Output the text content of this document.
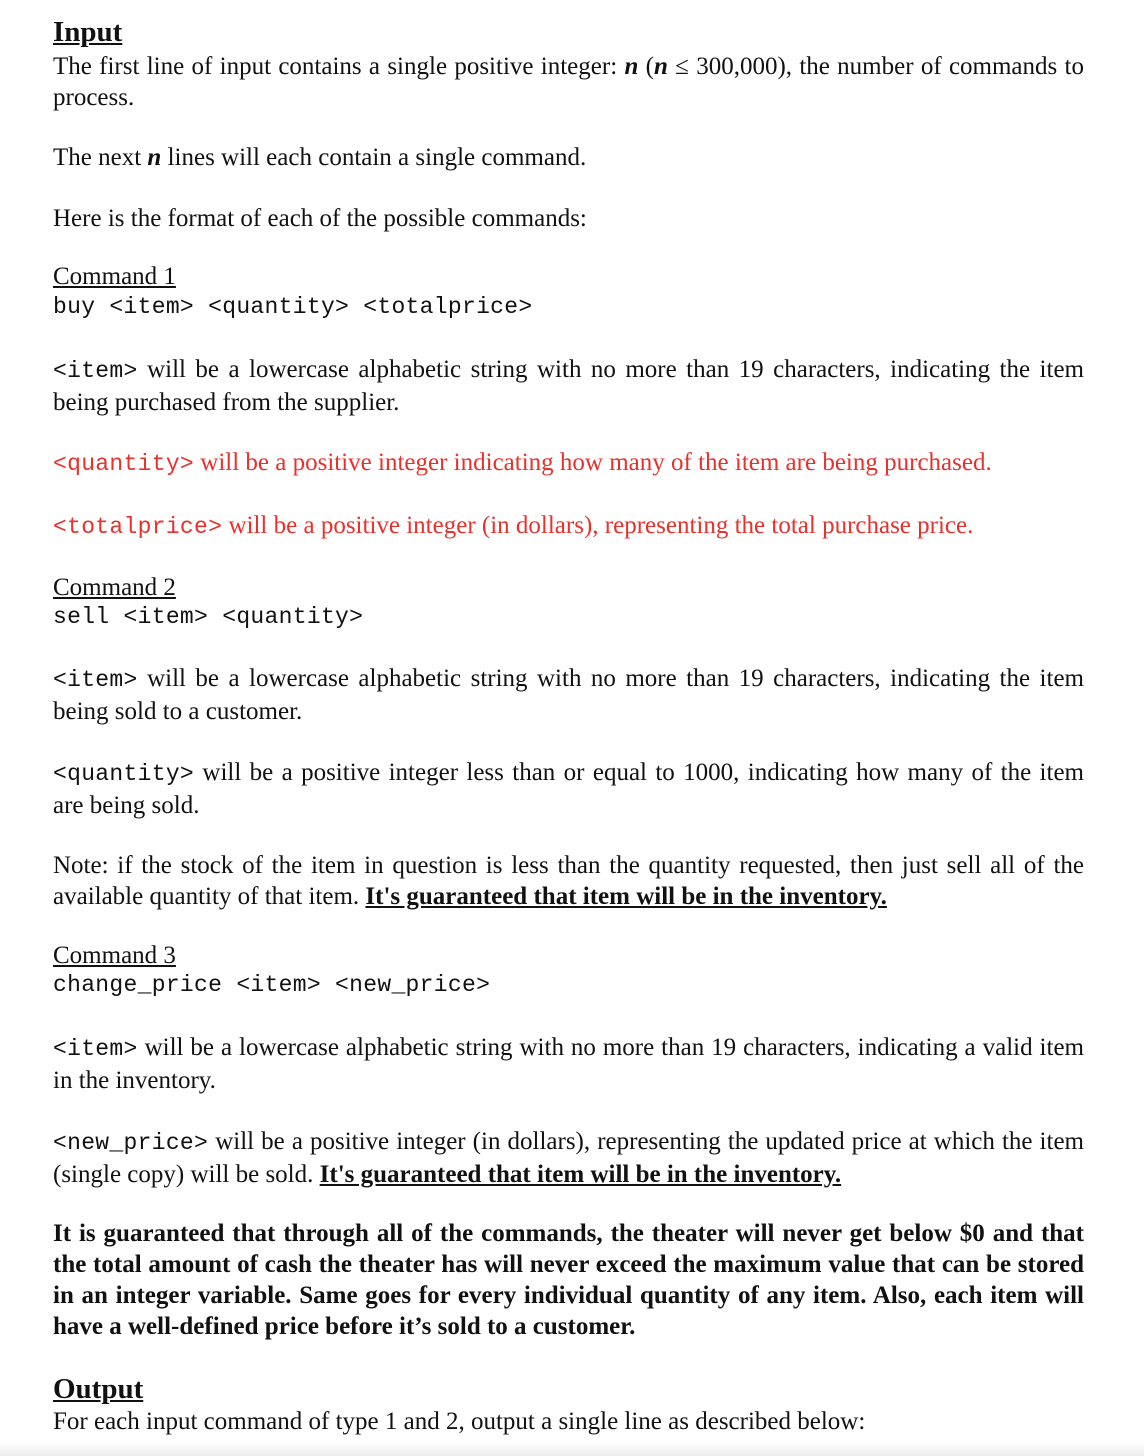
Input
The first line of input contains a single positive integer: n (n ≤ 300,000), the number of commands to process.
The next n lines will each contain a single command.
Here is the format of each of the possible commands:
Command 1
buy <item> <quantity> <totalprice>
<item> will be a lowercase alphabetic string with no more than 19 characters, indicating the item being purchased from the supplier.
<quantity> will be a positive integer indicating how many of the item are being purchased.
<totalprice> will be a positive integer (in dollars), representing the total purchase price.
Command 2
sell <item> <quantity>
<item> will be a lowercase alphabetic string with no more than 19 characters, indicating the item being sold to a customer.
<quantity> will be a positive integer less than or equal to 1000, indicating how many of the item are being sold.
Note: if the stock of the item in question is less than the quantity requested, then just sell all of the available quantity of that item. It's guaranteed that item will be in the inventory.
Command 3
change_price <item> <new_price>
<item> will be a lowercase alphabetic string with no more than 19 characters, indicating a valid item in the inventory.
<new_price> will be a positive integer (in dollars), representing the updated price at which the item (single copy) will be sold. It's guaranteed that item will be in the inventory.
It is guaranteed that through all of the commands, the theater will never get below $0 and that the total amount of cash the theater has will never exceed the maximum value that can be stored in an integer variable. Same goes for every individual quantity of any item. Also, each item will have a well-defined price before it’s sold to a customer.
Output
For each input command of type 1 and 2, output a single line as described below:
